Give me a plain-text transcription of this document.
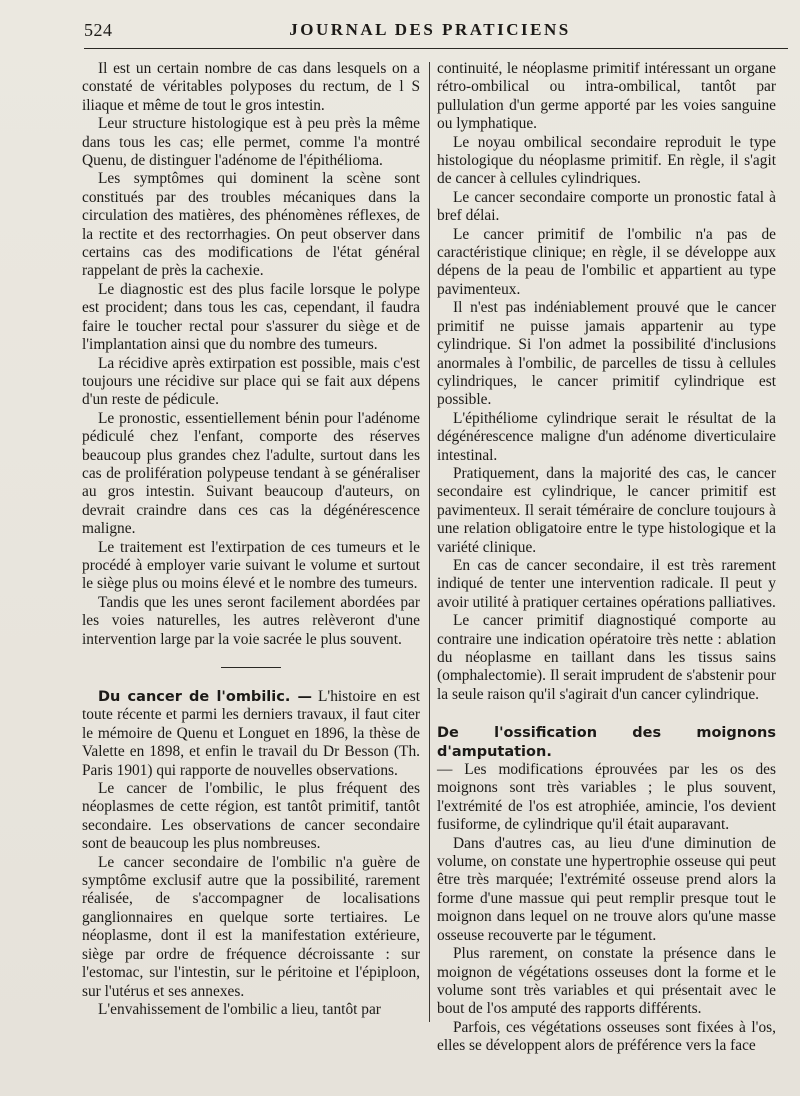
524	JOURNAL DES PRATICIENS

Il est un certain nombre de cas dans lesquels on a constaté de véritables polyposes du rectum, de l S iliaque et même de tout le gros intestin.

Leur structure histologique est à peu près la même dans tous les cas; elle permet, comme l'a montré Quenu, de distinguer l'adénome de l'épithélioma.

Les symptômes qui dominent la scène sont constitués par des troubles mécaniques dans la circulation des matières, des phénomènes réflexes, de la rectite et des rectorrhagies. On peut observer dans certains cas des modifications de l'état général rappelant de près la cachexie.

Le diagnostic est des plus facile lorsque le polype est procident; dans tous les cas, cependant, il faudra faire le toucher rectal pour s'assurer du siège et de l'implantation ainsi que du nombre des tumeurs.

La récidive après extirpation est possible, mais c'est toujours une récidive sur place qui se fait aux dépens d'un reste de pédicule.

Le pronostic, essentiellement bénin pour l'adénome pédiculé chez l'enfant, comporte des réserves beaucoup plus grandes chez l'adulte, surtout dans les cas de prolifération polypeuse tendant à se généraliser au gros intestin. Suivant beaucoup d'auteurs, on devrait craindre dans ces cas la dégénérescence maligne.

Le traitement est l'extirpation de ces tumeurs et le procédé à employer varie suivant le volume et surtout le siège plus ou moins élevé et le nombre des tumeurs.

Tandis que les unes seront facilement abordées par les voies naturelles, les autres relèveront d'une intervention large par la voie sacrée le plus souvent.

Du cancer de l'ombilic. — L'histoire en est toute récente et parmi les derniers travaux, il faut citer le mémoire de Quenu et Longuet en 1896, la thèse de Valette en 1898, et enfin le travail du Dr Besson (Th. Paris 1901) qui rapporte de nouvelles observations.

Le cancer de l'ombilic, le plus fréquent des néoplasmes de cette région, est tantôt primitif, tantôt secondaire. Les observations de cancer secondaire sont de beaucoup les plus nombreuses.

Le cancer secondaire de l'ombilic n'a guère de symptôme exclusif autre que la possibilité, rarement réalisée, de s'accompagner de localisations ganglionnaires en quelque sorte tertiaires. Le néoplasme, dont il est la manifestation extérieure, siège par ordre de fréquence décroissante : sur l'estomac, sur l'intestin, sur le péritoine et l'épiploon, sur l'utérus et ses annexes.

L'envahissement de l'ombilic a lieu, tantôt par

continuité, le néoplasme primitif intéressant un organe rétro-ombilical ou intra-ombilical, tantôt par pullulation d'un germe apporté par les voies sanguine ou lymphatique.

Le noyau ombilical secondaire reproduit le type histologique du néoplasme primitif. En règle, il s'agit de cancer à cellules cylindriques.

Le cancer secondaire comporte un pronostic fatal à bref délai.

Le cancer primitif de l'ombilic n'a pas de caractéristique clinique; en règle, il se développe aux dépens de la peau de l'ombilic et appartient au type pavimenteux.

Il n'est pas indéniablement prouvé que le cancer primitif ne puisse jamais appartenir au type cylindrique. Si l'on admet la possibilité d'inclusions anormales à l'ombilic, de parcelles de tissu à cellules cylindriques, le cancer primitif cylindrique est possible.

L'épithéliome cylindrique serait le résultat de la dégénérescence maligne d'un adénome diverticulaire intestinal.

Pratiquement, dans la majorité des cas, le cancer secondaire est cylindrique, le cancer primitif est pavimenteux. Il serait téméraire de conclure toujours à une relation obligatoire entre le type histologique et la variété clinique.

En cas de cancer secondaire, il est très rarement indiqué de tenter une intervention radicale. Il peut y avoir utilité à pratiquer certaines opérations palliatives.

Le cancer primitif diagnostiqué comporte au contraire une indication opératoire très nette : ablation du néoplasme en taillant dans les tissus sains (omphalectomie). Il serait imprudent de s'abstenir pour la seule raison qu'il s'agirait d'un cancer cylindrique.

De l'ossification des moignons d'amputation.

— Les modifications éprouvées par les os des moignons sont très variables ; le plus souvent, l'extrémité de l'os est atrophiée, amincie, l'os devient fusiforme, de cylindrique qu'il était auparavant.

Dans d'autres cas, au lieu d'une diminution de volume, on constate une hypertrophie osseuse qui peut être très marquée; l'extrémité osseuse prend alors la forme d'une massue qui peut remplir presque tout le moignon dans lequel on ne trouve alors qu'une masse osseuse recouverte par le tégument.

Plus rarement, on constate la présence dans le moignon de végétations osseuses dont la forme et le volume sont très variables et qui présentait avec le bout de l'os amputé des rapports différents.

Parfois, ces végétations osseuses sont fixées à l'os, elles se développent alors de préférence vers la face
